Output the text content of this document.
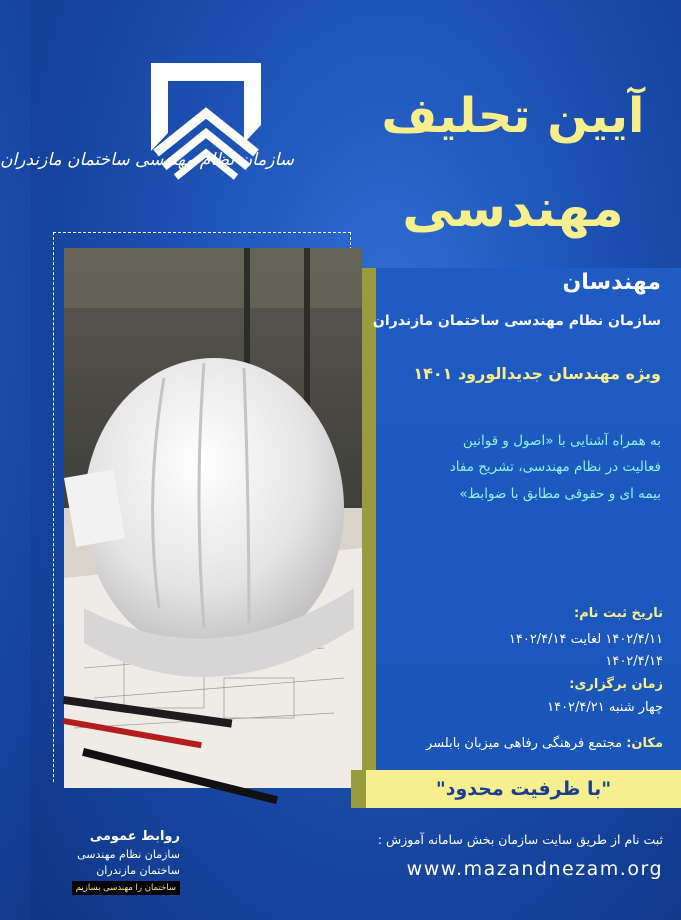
سازمان نظام مهندسی ساختمان مازندران
آیین تحلیف
مهندسی
مهندسان
سازمان نظام مهندسی ساختمان مازندران
ویژه مهندسان جدیدالورود ۱۴۰۱
به همراه آشنایی با «اصول و قوانین
فعالیت در نظام مهندسی، تشریح مفاد
بیمه ای و حقوقی مطابق با ضوابط»
تاریخ ثبت نام:
۱۴۰۲/۴/۱۱ لغایت ۱۴۰۲/۴/۱۴
۱۴۰۲/۴/۱۴
زمان برگزاری:
چهار شنبه ۱۴۰۲/۴/۲۱
مکان: مجتمع فرهنگی رفاهی میزبان بابلسر
"با ظرفیت محدود"
روابط عمومی
سازمان نظام مهندسی
ساختمان مازندران
ساختمان را مهندسی بسازیم
ثبت نام از طریق سایت سازمان بخش سامانه آموزش :
www.mazandnezam.org
